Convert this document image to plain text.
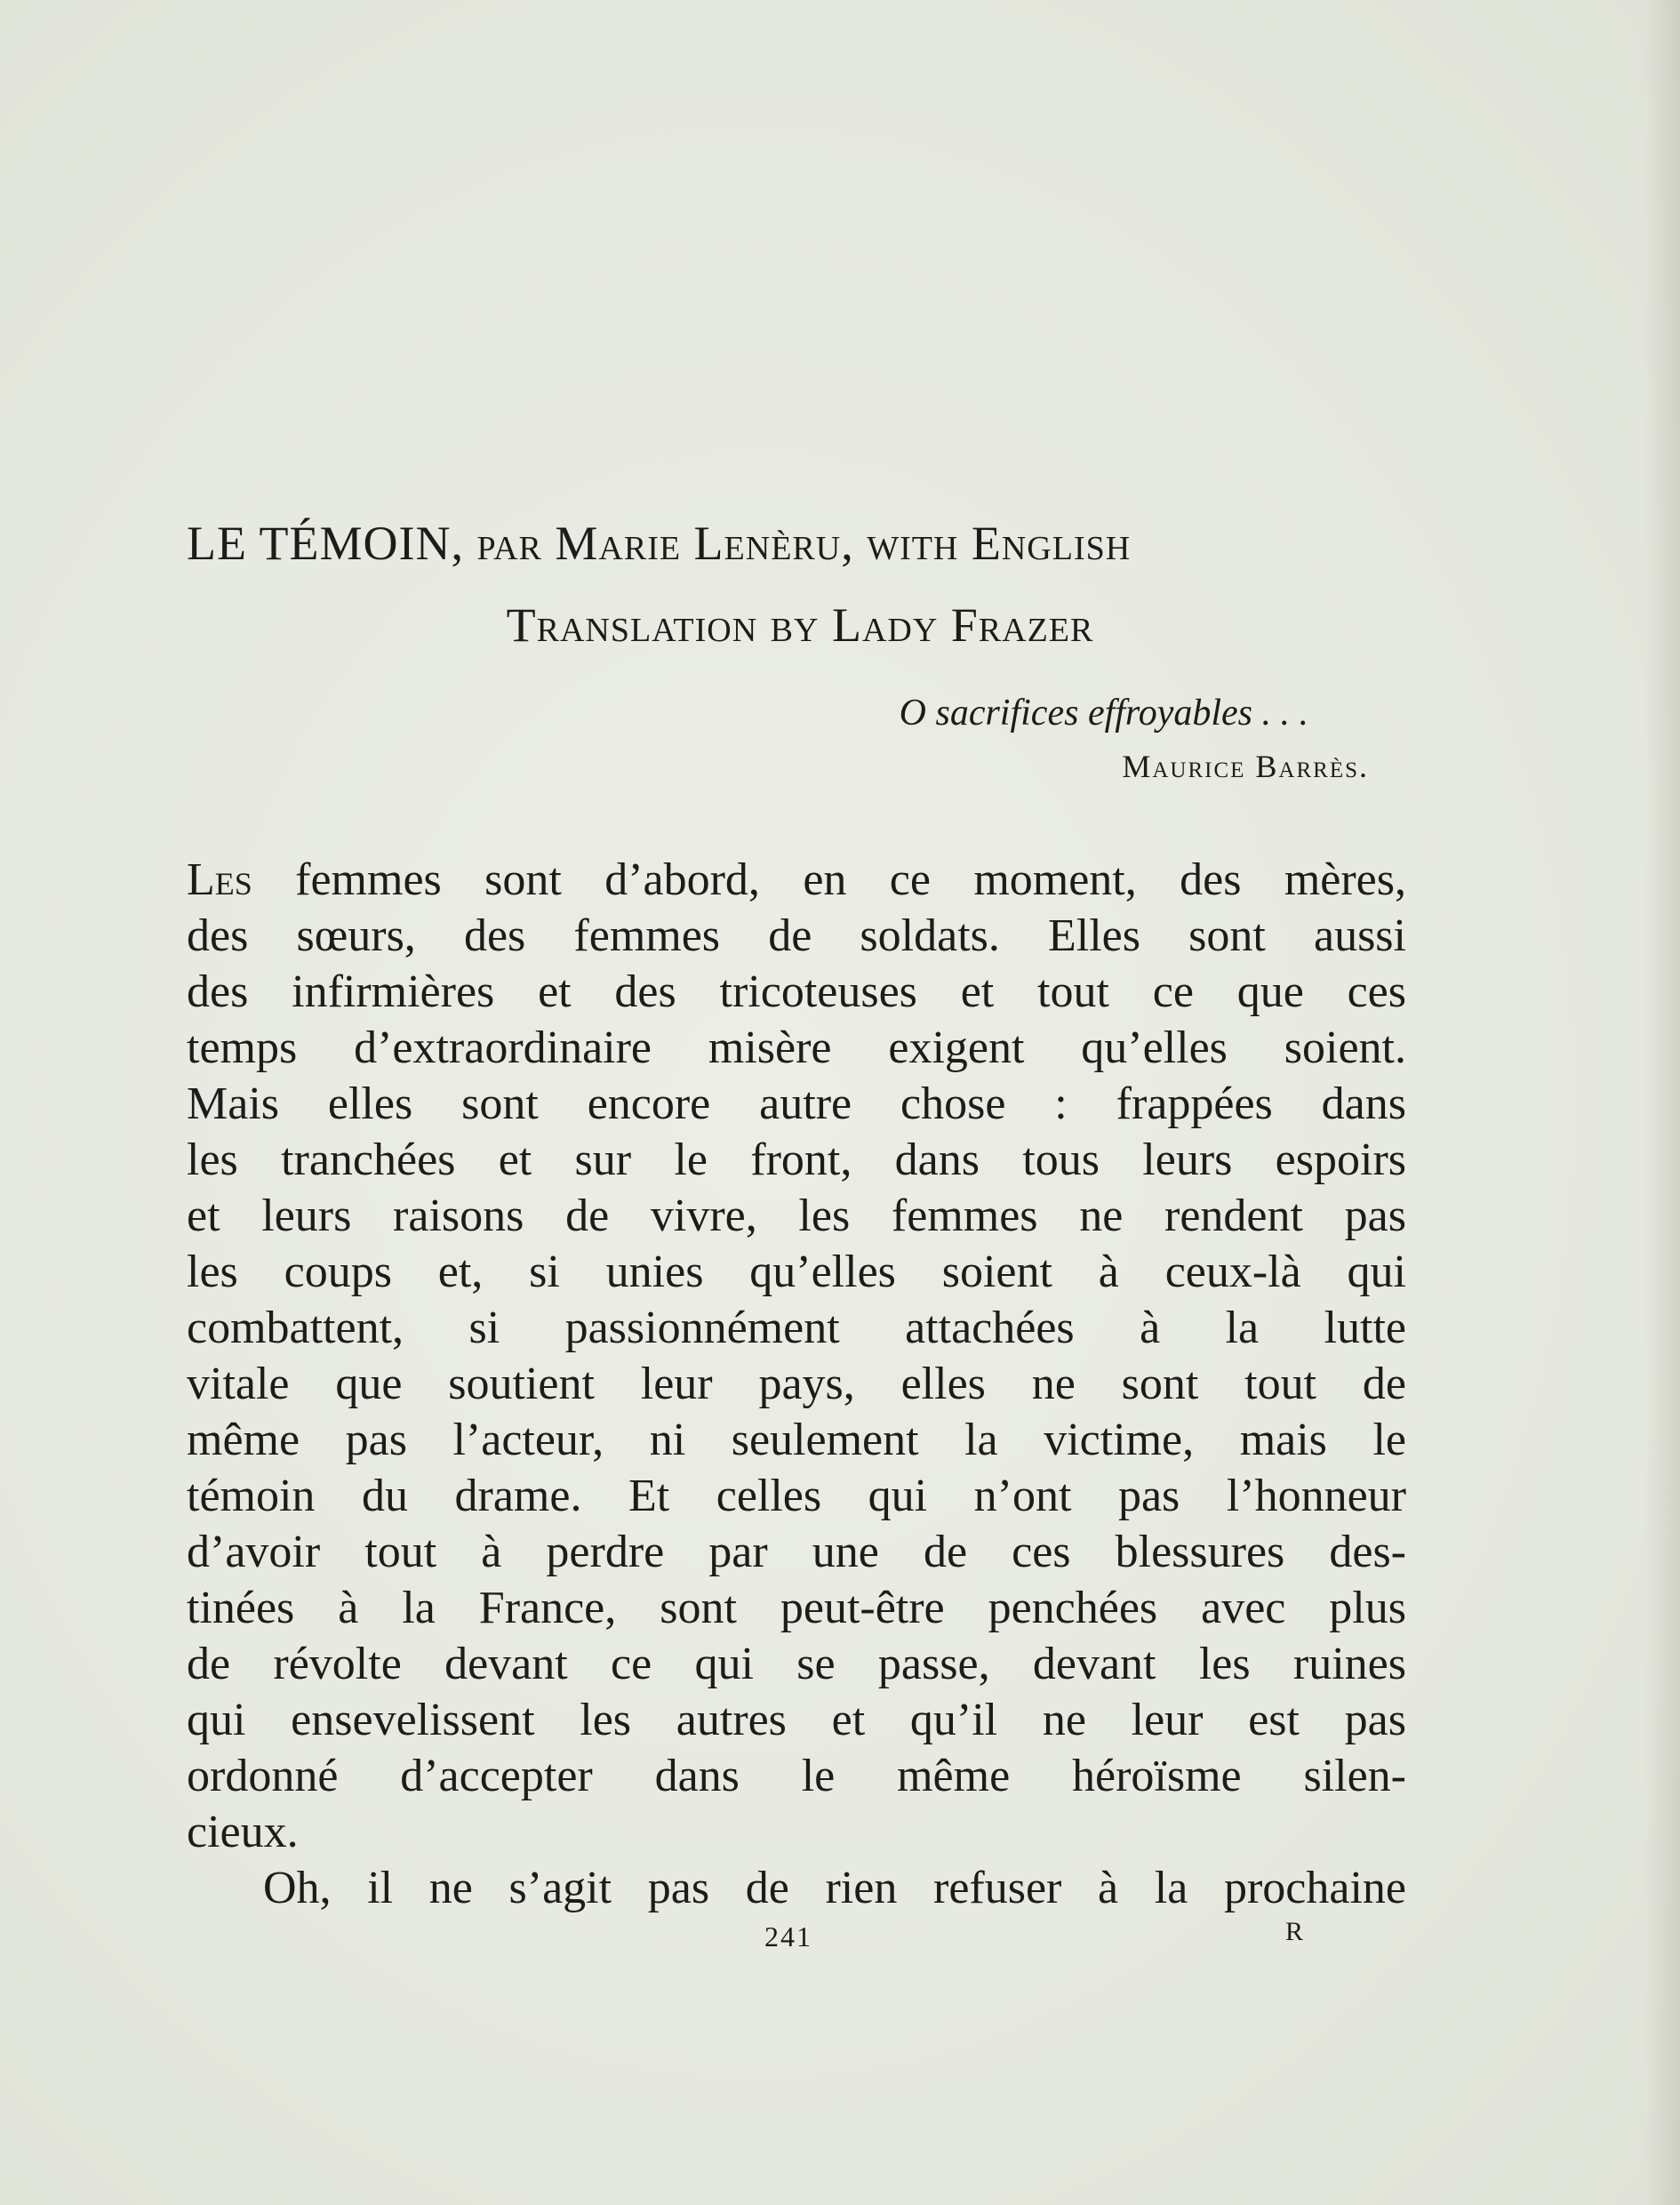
LE TÉMOIN, par Marie Lenèru, with English
Translation by Lady Frazer
O sacrifices effroyables . . .
Maurice Barrès.
Les femmes sont d’abord, en ce moment, des mères,
des sœurs, des femmes de soldats. Elles sont aussi
des infirmières et des tricoteuses et tout ce que ces
temps d’extraordinaire misère exigent qu’elles soient.
Mais elles sont encore autre chose : frappées dans
les tranchées et sur le front, dans tous leurs espoirs
et leurs raisons de vivre, les femmes ne rendent pas
les coups et, si unies qu’elles soient à ceux-là qui
combattent, si passionnément attachées à la lutte
vitale que soutient leur pays, elles ne sont tout de
même pas l’acteur, ni seulement la victime, mais le
témoin du drame. Et celles qui n’ont pas l’honneur
d’avoir tout à perdre par une de ces blessures des-
tinées à la France, sont peut-être penchées avec plus
de révolte devant ce qui se passe, devant les ruines
qui ensevelissent les autres et qu’il ne leur est pas
ordonné d’accepter dans le même héroïsme silen-
cieux.
Oh, il ne s’agit pas de rien refuser à la prochaine
241	R
